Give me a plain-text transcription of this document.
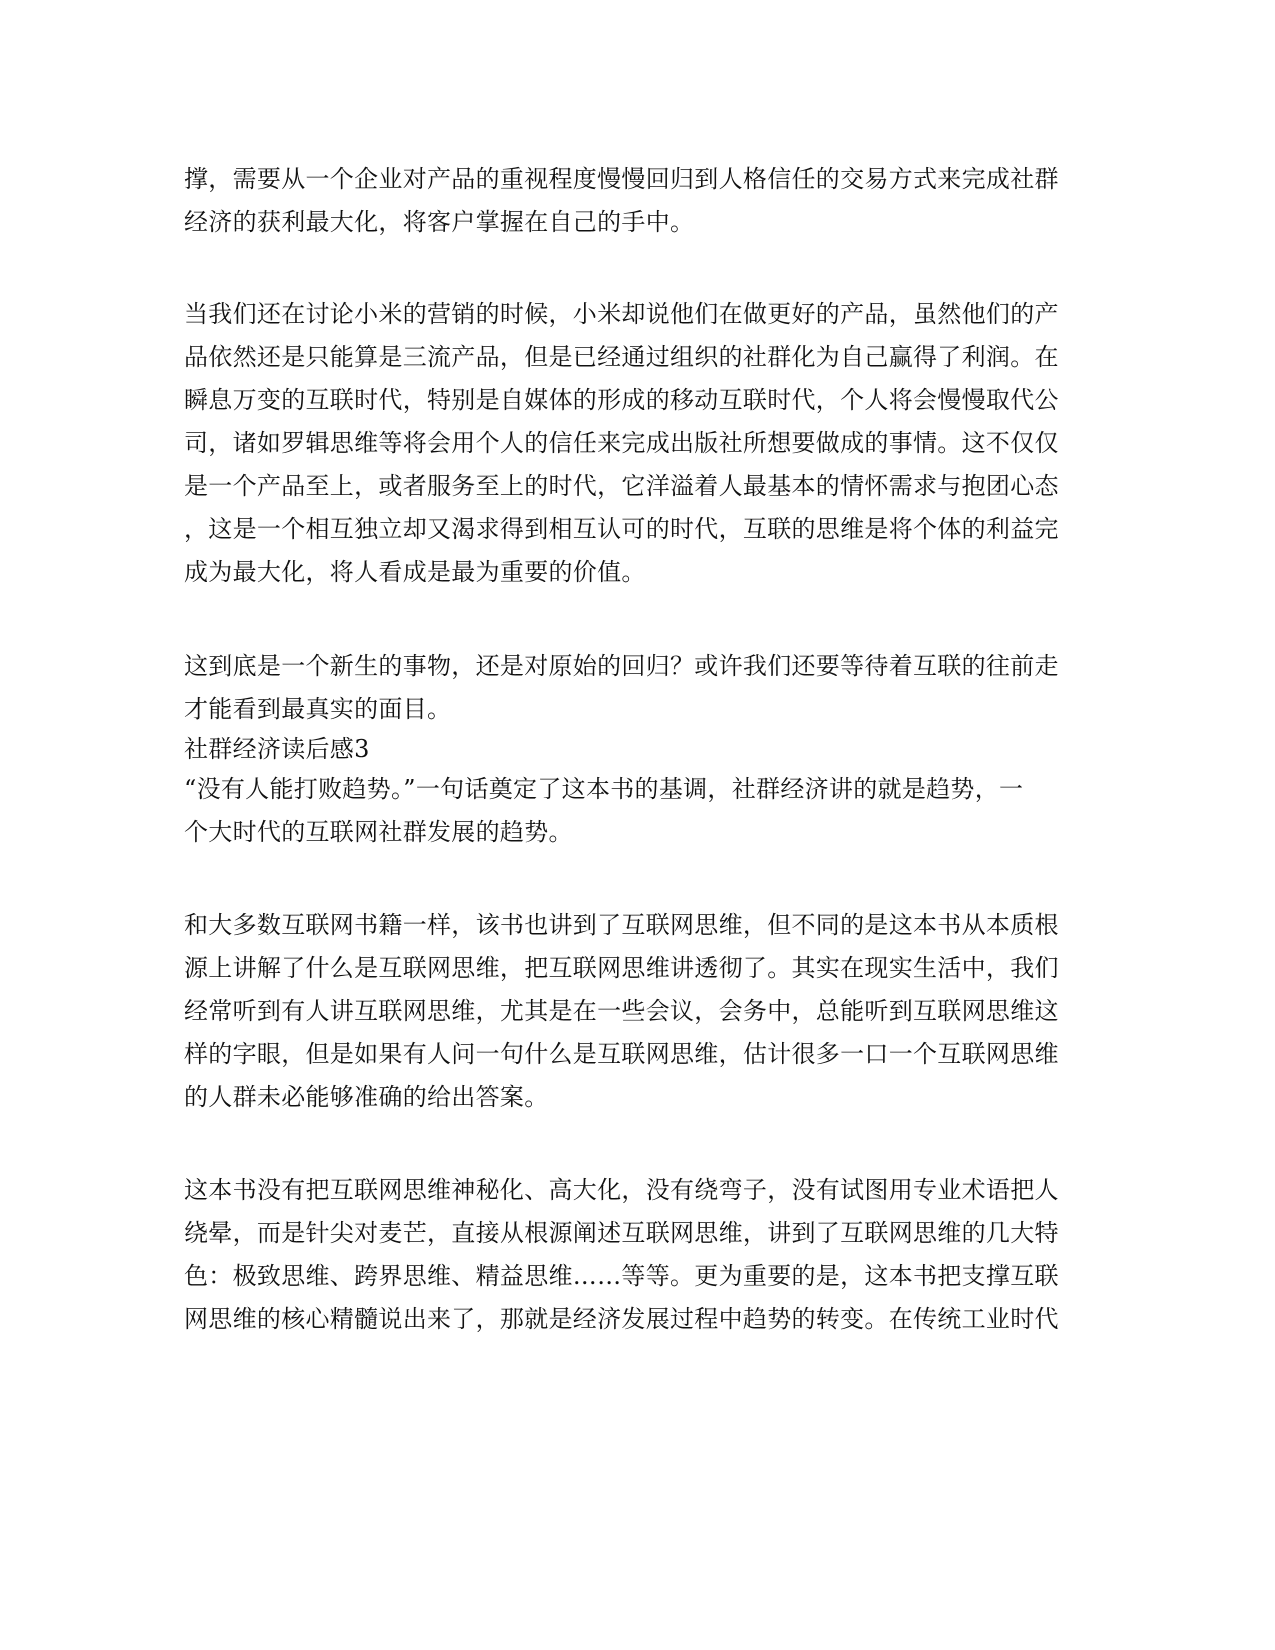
撑，需要从一个企业对产品的重视程度慢慢回归到人格信任的交易方式来完成社群

经济的获利最大化，将客户掌握在自己的手中。

当我们还在讨论小米的营销的时候，小米却说他们在做更好的产品，虽然他们的产

品依然还是只能算是三流产品，但是已经通过组织的社群化为自己赢得了利润。在

瞬息万变的互联时代，特别是自媒体的形成的移动互联时代，个人将会慢慢取代公

司，诸如罗辑思维等将会用个人的信任来完成出版社所想要做成的事情。这不仅仅

是一个产品至上，或者服务至上的时代，它洋溢着人最基本的情怀需求与抱团心态

，这是一个相互独立却又渴求得到相互认可的时代，互联的思维是将个体的利益完

成为最大化，将人看成是最为重要的价值。

这到底是一个新生的事物，还是对原始的回归？或许我们还要等待着互联的往前走

才能看到最真实的面目。

社群经济读后感3

“没有人能打败趋势。”一句话奠定了这本书的基调，社群经济讲的就是趋势，一

个大时代的互联网社群发展的趋势。

和大多数互联网书籍一样，该书也讲到了互联网思维，但不同的是这本书从本质根

源上讲解了什么是互联网思维，把互联网思维讲透彻了。其实在现实生活中，我们

经常听到有人讲互联网思维，尤其是在一些会议，会务中，总能听到互联网思维这

样的字眼，但是如果有人问一句什么是互联网思维，估计很多一口一个互联网思维

的人群未必能够准确的给出答案。

这本书没有把互联网思维神秘化、高大化，没有绕弯子，没有试图用专业术语把人

绕晕，而是针尖对麦芒，直接从根源阐述互联网思维，讲到了互联网思维的几大特

色：极致思维、跨界思维、精益思维……等等。更为重要的是，这本书把支撑互联

网思维的核心精髓说出来了，那就是经济发展过程中趋势的转变。在传统工业时代
